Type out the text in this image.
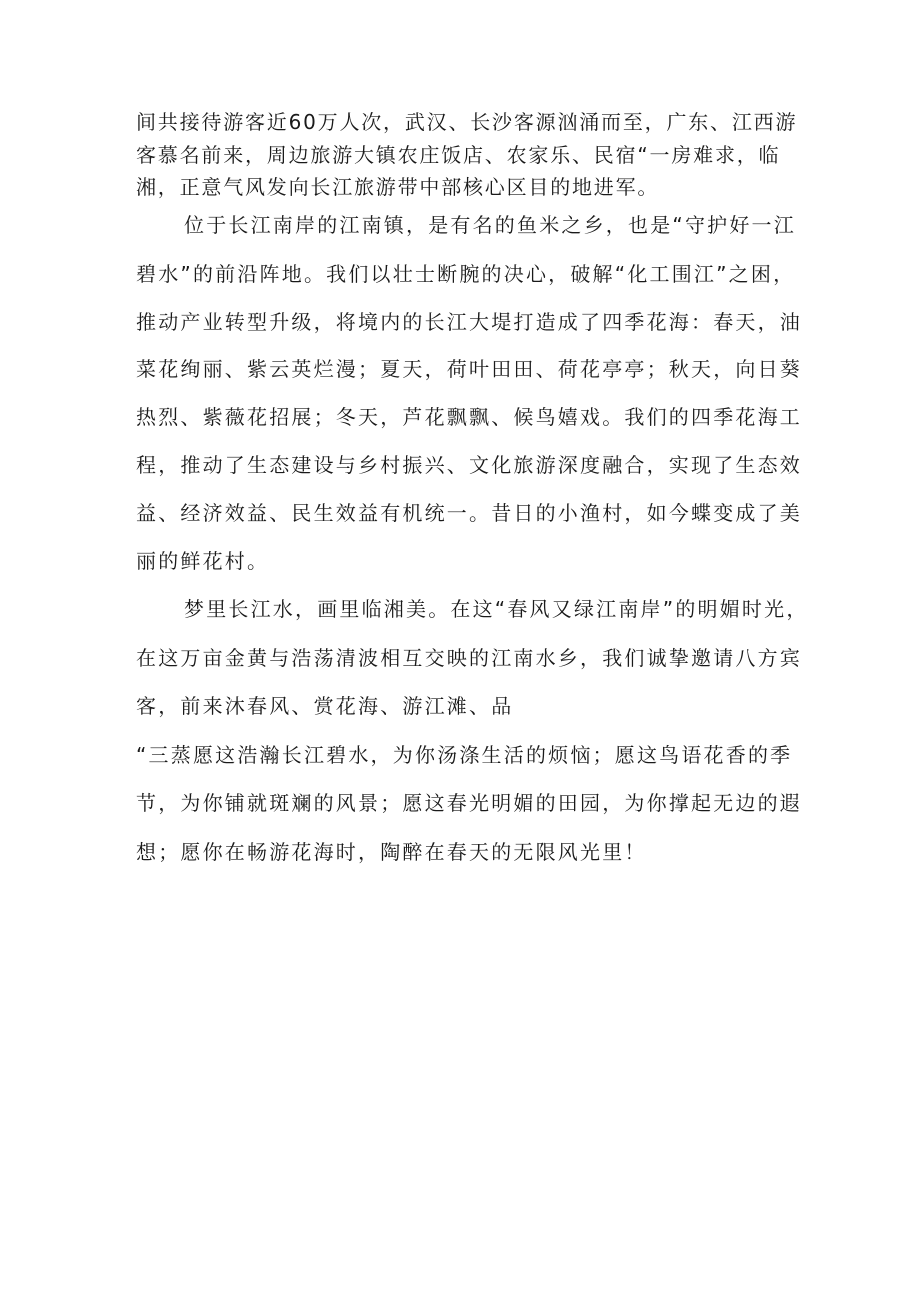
间共接待游客近60万人次，武汉、长沙客源汹涌而至，广东、江西游
客慕名前来，周边旅游大镇农庄饭店、农家乐、民宿“一房难求，临
湘，正意气风发向长江旅游带中部核心区目的地进军。
位于长江南岸的江南镇，是有名的鱼米之乡，也是“守护好一江
碧水”的前沿阵地。我们以壮士断腕的决心，破解“化工围江”之困，
推动产业转型升级，将境内的长江大堤打造成了四季花海：春天，油
菜花绚丽、紫云英烂漫；夏天，荷叶田田、荷花亭亭；秋天，向日葵
热烈、紫薇花招展；冬天，芦花飘飘、候鸟嬉戏。我们的四季花海工
程，推动了生态建设与乡村振兴、文化旅游深度融合，实现了生态效
益、经济效益、民生效益有机统一。昔日的小渔村，如今蝶变成了美
丽的鲜花村。
梦里长江水，画里临湘美。在这“春风又绿江南岸”的明媚时光，
在这万亩金黄与浩荡清波相互交映的江南水乡，我们诚挚邀请八方宾
客，前来沐春风、赏花海、游江滩、品
“三蒸愿这浩瀚长江碧水，为你汤涤生活的烦恼；愿这鸟语花香的季
节，为你铺就斑斓的风景；愿这春光明媚的田园，为你撑起无边的遐
想；愿你在畅游花海时，陶醉在春天的无限风光里！
